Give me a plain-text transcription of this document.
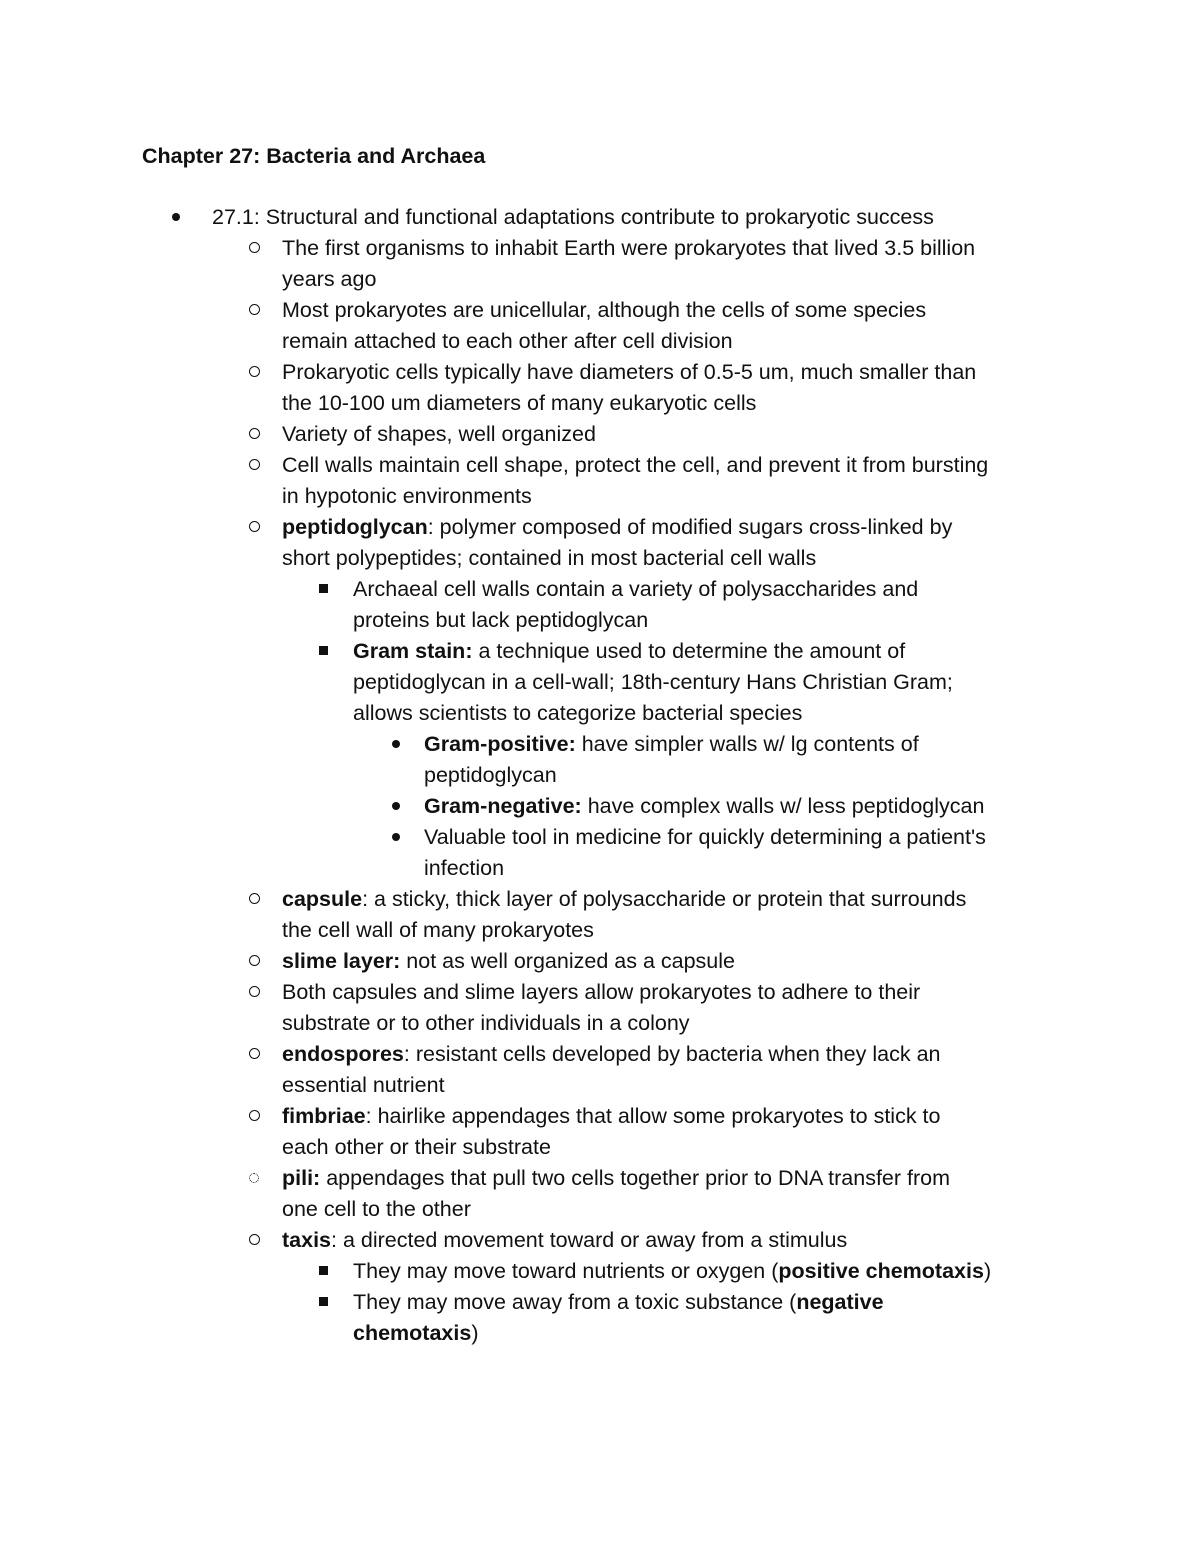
Chapter 27: Bacteria and Archaea
27.1: Structural and functional adaptations contribute to prokaryotic success
The first organisms to inhabit Earth were prokaryotes that lived 3.5 billion
years ago
Most prokaryotes are unicellular, although the cells of some species
remain attached to each other after cell division
Prokaryotic cells typically have diameters of 0.5-5 um, much smaller than
the 10-100 um diameters of many eukaryotic cells
Variety of shapes, well organized
Cell walls maintain cell shape, protect the cell, and prevent it from bursting
in hypotonic environments
peptidoglycan: polymer composed of modified sugars cross-linked by
short polypeptides; contained in most bacterial cell walls
Archaeal cell walls contain a variety of polysaccharides and
proteins but lack peptidoglycan
Gram stain: a technique used to determine the amount of
peptidoglycan in a cell-wall; 18th-century Hans Christian Gram;
allows scientists to categorize bacterial species
Gram-positive: have simpler walls w/ lg contents of
peptidoglycan
Gram-negative: have complex walls w/ less peptidoglycan
Valuable tool in medicine for quickly determining a patient's
infection
capsule: a sticky, thick layer of polysaccharide or protein that surrounds
the cell wall of many prokaryotes
slime layer: not as well organized as a capsule
Both capsules and slime layers allow prokaryotes to adhere to their
substrate or to other individuals in a colony
endospores: resistant cells developed by bacteria when they lack an
essential nutrient
fimbriae: hairlike appendages that allow some prokaryotes to stick to
each other or their substrate
pili: appendages that pull two cells together prior to DNA transfer from
one cell to the other
taxis: a directed movement toward or away from a stimulus
They may move toward nutrients or oxygen (positive chemotaxis)
They may move away from a toxic substance (negative
chemotaxis)
